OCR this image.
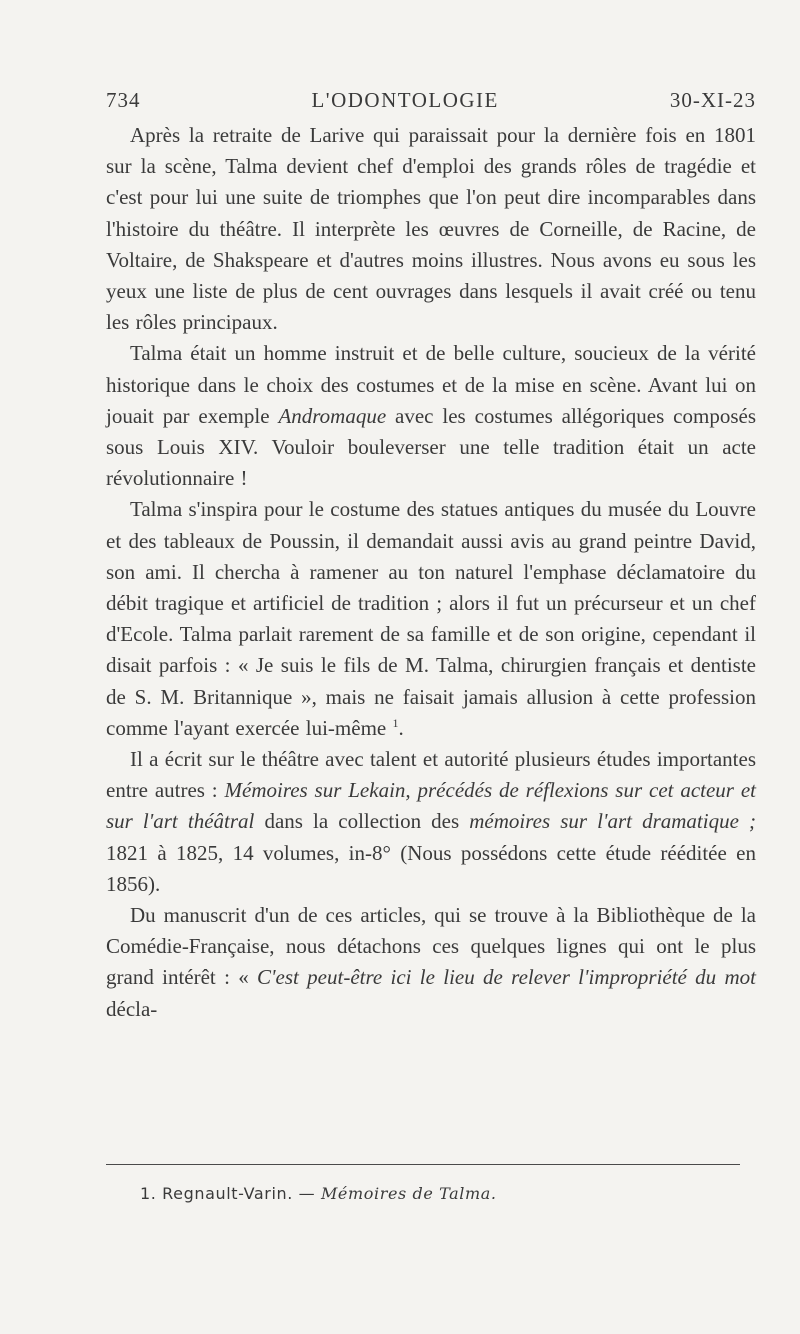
734	L'ODONTOLOGIE	30-XI-23

Après la retraite de Larive qui paraissait pour la dernière fois en 1801 sur la scène, Talma devient chef d'emploi des grands rôles de tragédie et c'est pour lui une suite de triomphes que l'on peut dire incomparables dans l'histoire du théâtre. Il interprète les œuvres de Corneille, de Racine, de Voltaire, de Shakspeare et d'autres moins illustres. Nous avons eu sous les yeux une liste de plus de cent ouvrages dans lesquels il avait créé ou tenu les rôles principaux.

Talma était un homme instruit et de belle culture, soucieux de la vérité historique dans le choix des costumes et de la mise en scène. Avant lui on jouait par exemple Andromaque avec les costumes allégoriques composés sous Louis XIV. Vouloir bouleverser une telle tradition était un acte révolutionnaire !

Talma s'inspira pour le costume des statues antiques du musée du Louvre et des tableaux de Poussin, il demandait aussi avis au grand peintre David, son ami. Il chercha à ramener au ton naturel l'emphase déclamatoire du débit tragique et artificiel de tradition ; alors il fut un précurseur et un chef d'Ecole. Talma parlait rarement de sa famille et de son origine, cependant il disait parfois : « Je suis le fils de M. Talma, chirurgien français et dentiste de S. M. Britannique », mais ne faisait jamais allusion à cette profession comme l'ayant exercée lui-même $^1$.

Il a écrit sur le théâtre avec talent et autorité plusieurs études importantes entre autres : Mémoires sur Lekain, précédés de réflexions sur cet acteur et sur l'art théâtral dans la collection des mémoires sur l'art dramatique ; 1821 à 1825, 14 volumes, in-8° (Nous possédons cette étude rééditée en 1856).

Du manuscrit d'un de ces articles, qui se trouve à la Bibliothèque de la Comédie-Française, nous détachons ces quelques lignes qui ont le plus grand intérêt : « C'est peut-être ici le lieu de relever l'impropriété du mot décla-

1. Regnault-Varin. — Mémoires de Talma.
